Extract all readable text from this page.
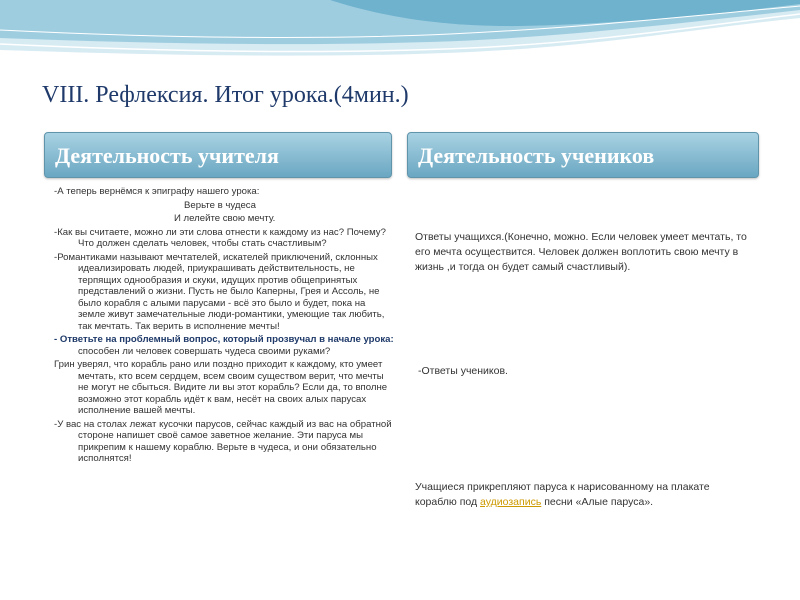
VIII. Рефлексия. Итог урока.(4мин.)
Деятельность учителя	Деятельность учеников

-А теперь вернёмся к эпиграфу нашего урока:

Верьте в чудеса

И лелейте свою мечту.

-Как вы считаете, можно ли эти слова отнести к каждому из нас? Почему? Что должен сделать человек, чтобы стать счастливым?

-Романтиками называют мечтателей, искателей приключений, склонных идеализировать людей, приукрашивать действительность, не терпящих однообразия и скуки, идущих против общепринятых представлений о жизни. Пусть не было Каперны, Грея и Ассоль, не было корабля с алыми парусами - всё это было и будет, пока на земле живут замечательные люди-романтики, умеющие так любить, так мечтать. Так верить в исполнение мечты!

- Ответьте на проблемный вопрос, который прозвучал в начале урока: способен ли человек совершать чудеса своими руками?

Грин уверял, что корабль рано или поздно приходит к каждому, кто умеет мечтать, кто всем сердцем, всем своим существом верит, что мечты не могут не сбыться. Видите ли вы этот корабль? Если да, то вполне возможно этот корабль идёт к вам, несёт на своих алых парусах исполнение вашей мечты.

-У вас на столах лежат кусочки парусов, сейчас каждый из вас на обратной стороне напишет своё самое заветное желание. Эти паруса мы прикрепим к нашему кораблю. Верьте в чудеса, и они обязательно исполнятся!

Ответы учащихся.(Конечно, можно. Если человек умеет мечтать, то его мечта осуществится. Человек должен воплотить свою мечту в жизнь ,и тогда он будет самый счастливый).

-Ответы учеников.

Учащиеся прикрепляют паруса к нарисованному на плакате кораблю под аудиозапись песни «Алые паруса».
